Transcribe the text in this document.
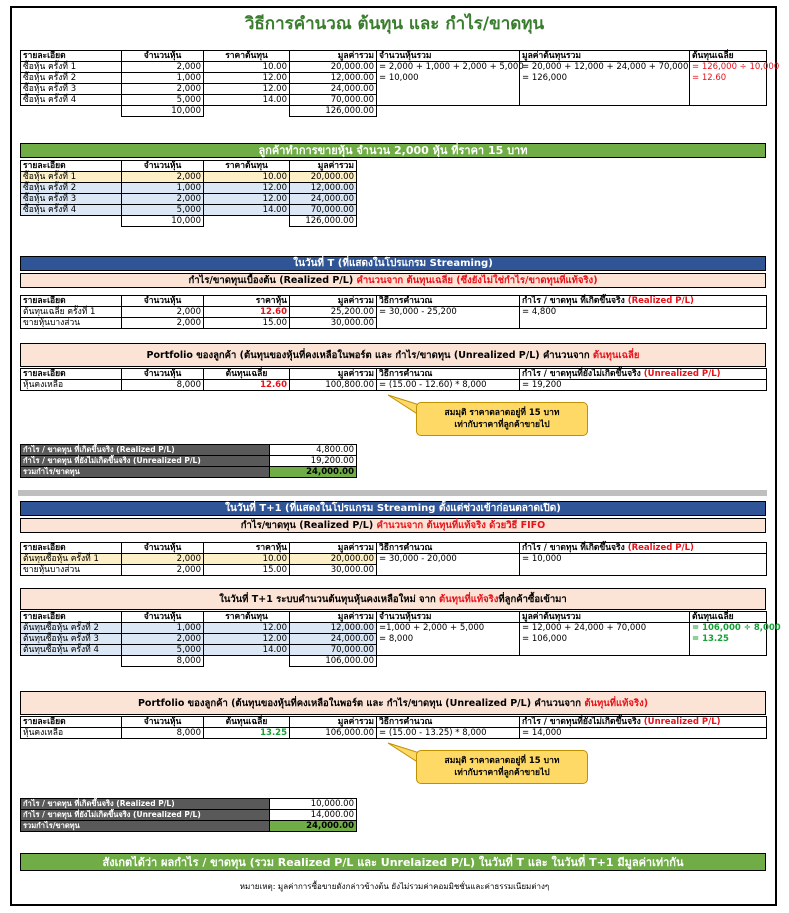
วิธีการคำนวณ ต้นทุน และ กำไร/ขาดทุน
รายละเอียด	จำนวนหุ้น	ราคาต้นทุน	มูลค่ารวม	จำนวนหุ้นรวม	มูลค่าต้นทุนรวม	ต้นทุนเฉลี่ย
ซื้อหุ้น ครั้งที่ 1	2,000	10.00	20,000.00	= 2,000 + 1,000 + 2,000 + 5,000	= 20,000 + 12,000 + 24,000 + 70,000	= 126,000 ÷ 10,000
ซื้อหุ้น ครั้งที่ 2	1,000	12.00	12,000.00	= 10,000	= 126,000	= 12.60
ซื้อหุ้น ครั้งที่ 3	2,000	12.00	24,000.00			
ซื้อหุ้น ครั้งที่ 4	5,000	14.00	70,000.00			
	10,000		126,000.00			
ลูกค้าทำการขายหุ้น จำนวน 2,000 หุ้น ที่ราคา 15 บาท
รายละเอียด	จำนวนหุ้น	ราคาต้นทุน	มูลค่ารวม
ซื้อหุ้น ครั้งที่ 1	2,000	10.00	20,000.00
ซื้อหุ้น ครั้งที่ 2	1,000	12.00	12,000.00
ซื้อหุ้น ครั้งที่ 3	2,000	12.00	24,000.00
ซื้อหุ้น ครั้งที่ 4	5,000	14.00	70,000.00
	10,000		126,000.00
ในวันที่ T (ที่แสดงในโปรแกรม Streaming)
กำไร/ขาดทุนเบื้องต้น (Realized P/L) คำนวนจาก ต้นทุนเฉลี่ย (ซึ่งยังไม่ใช่กำไร/ขาดทุนที่แท้จริง)
รายละเอียด	จำนวนหุ้น	ราคาหุ้น	มูลค่ารวม	วิธีการคำนวณ	กำไร / ขาดทุน ที่เกิดขึ้นจริง (Realized P/L)
ต้นทุนเฉลี่ย ครั้งที่ 1	2,000	12.60	25,200.00	= 30,000 - 25,200	= 4,800
ขายหุ้นบางส่วน	2,000	15.00	30,000.00		
Portfolio ของลูกค้า (ต้นทุนของหุ้นที่คงเหลือในพอร์ต และ กำไร/ขาดทุน (Unrealized P/L) คำนวนจาก ต้นทุนเฉลี่ย
รายละเอียด	จำนวนหุ้น	ต้นทุนเฉลี่ย	มูลค่ารวม	วิธีการคำนวณ	กำไร / ขาดทุนที่ยังไม่เกิดขึ้นจริง (Unrealized P/L)
หุ้นคงเหลือ	8,000	12.60	100,800.00	= (15.00 - 12.60) * 8,000	= 19,200
สมมุติ ราคาตลาดอยู่ที่ 15 บาท
เท่ากับราคาที่ลูกค้าขายไป
กำไร / ขาดทุน ที่เกิดขึ้นจริง (Realized P/L)	4,800.00
กำไร / ขาดทุน ที่ยังไม่เกิดขึ้นจริง (Unrealized P/L)	19,200.00
รวมกำไร/ขาดทุน	24,000.00
ในวันที่ T+1 (ที่แสดงในโปรแกรม Streaming ตั้งแต่ช่วงเข้าก่อนตลาดเปิด)
กำไร/ขาดทุน (Realized P/L) คำนวนจาก ต้นทุนที่แท้จริง ด้วยวิธี FIFO
รายละเอียด	จำนวนหุ้น	ราคาหุ้น	มูลค่ารวม	วิธีการคำนวณ	กำไร / ขาดทุน ที่เกิดขึ้นจริง (Realized P/L)
ต้นทุนซื้อหุ้น ครั้งที่ 1	2,000	10.00	20,000.00	= 30,000 - 20,000	= 10,000
ขายหุ้นบางส่วน	2,000	15.00	30,000.00		
ในวันที่ T+1 ระบบคำนวนต้นทุนหุ้นคงเหลือใหม่ จาก ต้นทุนที่แท้จริงที่ลูกค้าซื้อเข้ามา
รายละเอียด	จำนวนหุ้น	ราคาต้นทุน	มูลค่ารวม	จำนวนหุ้นรวม	มูลค่าต้นทุนรวม	ต้นทุนเฉลี่ย
ต้นทุนซื้อหุ้น ครั้งที่ 2	1,000	12.00	12,000.00	=1,000 + 2,000 + 5,000	= 12,000 + 24,000 + 70,000	= 106,000 ÷ 8,000
ต้นทุนซื้อหุ้น ครั้งที่ 3	2,000	12.00	24,000.00	= 8,000	= 106,000	= 13.25
ต้นทุนซื้อหุ้น ครั้งที่ 4	5,000	14.00	70,000.00			
	8,000		106,000.00			
Portfolio ของลูกค้า (ต้นทุนของหุ้นที่คงเหลือในพอร์ต และ กำไร/ขาดทุน (Unrealized P/L) คำนวนจาก ต้นทุนที่แท้จริง)
รายละเอียด	จำนวนหุ้น	ต้นทุนเฉลี่ย	มูลค่ารวม	วิธีการคำนวณ	กำไร / ขาดทุนที่ยังไม่เกิดขึ้นจริง (Unrealized P/L)
หุ้นคงเหลือ	8,000	13.25	106,000.00	= (15.00 - 13.25) * 8,000	= 14,000
สมมุติ ราคาตลาดอยู่ที่ 15 บาท
เท่ากับราคาที่ลูกค้าขายไป
กำไร / ขาดทุน ที่เกิดขึ้นจริง (Realized P/L)	10,000.00
กำไร / ขาดทุน ที่ยังไม่เกิดขึ้นจริง (Unrealized P/L)	14,000.00
รวมกำไร/ขาดทุน	24,000.00
สังเกตได้ว่า ผลกำไร / ขาดทุน (รวม Realized P/L และ Unrelaized P/L) ในวันที่ T และ ในวันที่ T+1 มีมูลค่าเท่ากัน
หมายเหตุ: มูลค่าการซื้อขายดังกล่าวข้างต้น ยังไม่รวมค่าคอมมิชชั่นและค่าธรรมเนียมต่างๆ
